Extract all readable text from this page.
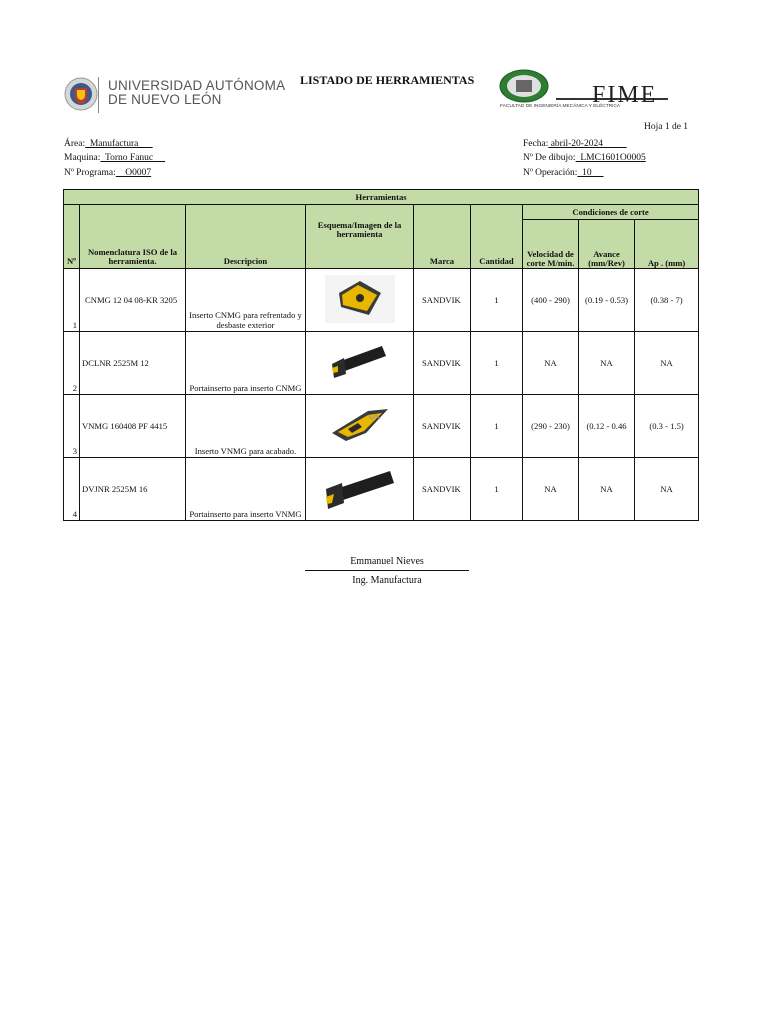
UNIVERSIDAD AUTÓNOMA
DE NUEVO LEÓN
LISTADO DE HERRAMIENTAS
FIME
FACULTAD DE INGENIERÍA MECÁNICA Y ELÉCTRICA
Hoja 1 de 1
Área:  Manufactura
Maquina:  Torno Fanuc
Nº Programa:    O0007
Fecha: abril-20-2024
Nº De dibujo:  LMC1601O0005
Nº Operación:  10
Herramientas								
Nº	Nomenclatura ISO de la herramienta.	Descripcion	Esquema/Imagen de la herramienta	Marca	Cantidad	Condiciones de corte		
						Velocidad de corte M/min.	Avance (mm/Rev)	Ap . (mm)
1	CNMG 12 04 08-KR 3205	Inserto CNMG para refrentado y desbaste exterior		SANDVIK	1	(400 - 290)	(0.19 - 0.53)	(0.38 - 7)
2	DCLNR 2525M 12	Portainserto para inserto CNMG		SANDVIK	1	NA	NA	NA
3	VNMG 160408 PF 4415	Inserto VNMG para acabado.		SANDVIK	1	(290 - 230)	(0.12 - 0.46	(0.3 - 1.5)
4	DVJNR 2525M 16	Portainserto para inserto VNMG		SANDVIK	1	NA	NA	NA
Emmanuel Nieves
Ing. Manufactura
